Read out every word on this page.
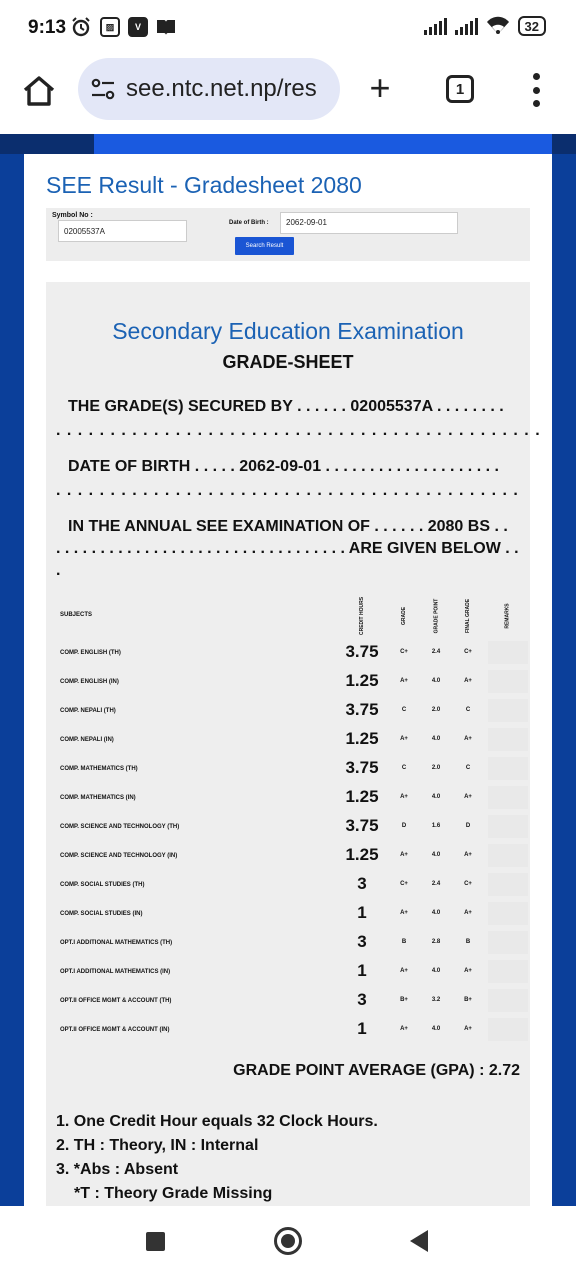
9:13	▨	V	32
see.ntc.net.np/res +	1
SEE Result - Gradesheet 2080
Symbol No :
02005537A
Date of Birth :	2062-09-01
Search Result
Secondary Education Examination
GRADE-SHEET
THE GRADE(S) SECURED BY . . . . . . 02005537A . . . . . . . .
. . . . . . . . . . . . . . . . . . . . . . . . . . . . . . . . . . . . . . . . . . . . .
DATE OF BIRTH . . . . . 2062-09-01 . . . . . . . . . . . . . . . . . . . .
. . . . . . . . . . . . . . . . . . . . . . . . . . . . . . . . . . . . . . . . . . .
IN THE ANNUAL SEE EXAMINATION OF . . . . . . 2080 BS . .
. . . . . . . . . . . . . . . . . . . . . . . . . . . . . . . . . ARE GIVEN BELOW . .
.
SUBJECTS	CREDIT HOURS	GRADE	GRADE POINT	FINAL GRADE	REMARKS
COMP. ENGLISH (TH)	3.75	C+	2.4	C+
COMP. ENGLISH (IN)	1.25	A+	4.0	A+
COMP. NEPALI (TH)	3.75	C	2.0	C
COMP. NEPALI (IN)	1.25	A+	4.0	A+
COMP. MATHEMATICS (TH)	3.75	C	2.0	C
COMP. MATHEMATICS (IN)	1.25	A+	4.0	A+
COMP. SCIENCE AND TECHNOLOGY (TH)	3.75	D	1.6	D
COMP. SCIENCE AND TECHNOLOGY (IN)	1.25	A+	4.0	A+
COMP. SOCIAL STUDIES (TH)	3	C+	2.4	C+
COMP. SOCIAL STUDIES (IN)	1	A+	4.0	A+
OPT.I ADDITIONAL MATHEMATICS (TH)	3	B	2.8	B
OPT.I ADDITIONAL MATHEMATICS (IN)	1	A+	4.0	A+
OPT.II OFFICE MGMT & ACCOUNT (TH)	3	B+	3.2	B+
OPT.II OFFICE MGMT & ACCOUNT (IN)	1	A+	4.0	A+
GRADE POINT AVERAGE (GPA) : 2.72
1. One Credit Hour equals 32 Clock Hours.
2. TH : Theory, IN : Internal
3. *Abs : Absent
*T : Theory Grade Missing
